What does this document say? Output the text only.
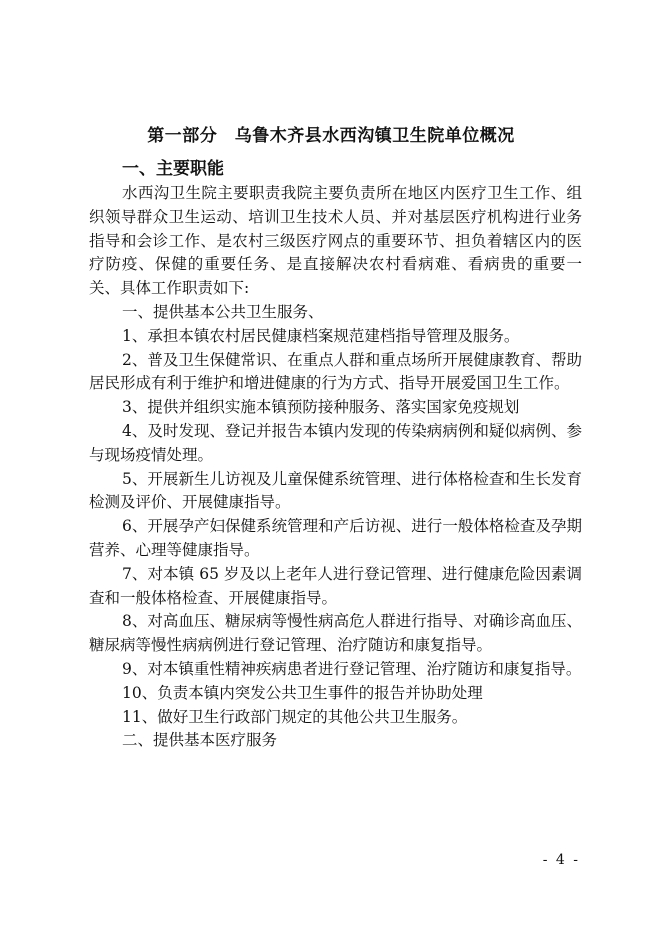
第一部分　乌鲁木齐县水西沟镇卫生院单位概况
一、主要职能

水西沟卫生院主要职责我院主要负责所在地区内医疗卫生工作、组织领导群众卫生运动、培训卫生技术人员、并对基层医疗机构进行业务指导和会诊工作、是农村三级医疗网点的重要环节、担负着辖区内的医疗防疫、保健的重要任务、是直接解决农村看病难、看病贵的重要一关、具体工作职责如下:

一、提供基本公共卫生服务、

1、承担本镇农村居民健康档案规范建档指导管理及服务。

2、普及卫生保健常识、在重点人群和重点场所开展健康教育、帮助居民形成有利于维护和增进健康的行为方式、指导开展爱国卫生工作。

3、提供并组织实施本镇预防接种服务、落实国家免疫规划

4、及时发现、登记并报告本镇内发现的传染病病例和疑似病例、参与现场疫情处理。

5、开展新生儿访视及儿童保健系统管理、进行体格检查和生长发育检测及评价、开展健康指导。

6、开展孕产妇保健系统管理和产后访视、进行一般体格检查及孕期营养、心理等健康指导。

7、对本镇 65 岁及以上老年人进行登记管理、进行健康危险因素调查和一般体格检查、开展健康指导。

8、对高血压、糖尿病等慢性病高危人群进行指导、对确诊高血压、糖尿病等慢性病病例进行登记管理、治疗随访和康复指导。

9、对本镇重性精神疾病患者进行登记管理、治疗随访和康复指导。

10、负责本镇内突发公共卫生事件的报告并协助处理

11、做好卫生行政部门规定的其他公共卫生服务。

二、提供基本医疗服务

- 4 -
